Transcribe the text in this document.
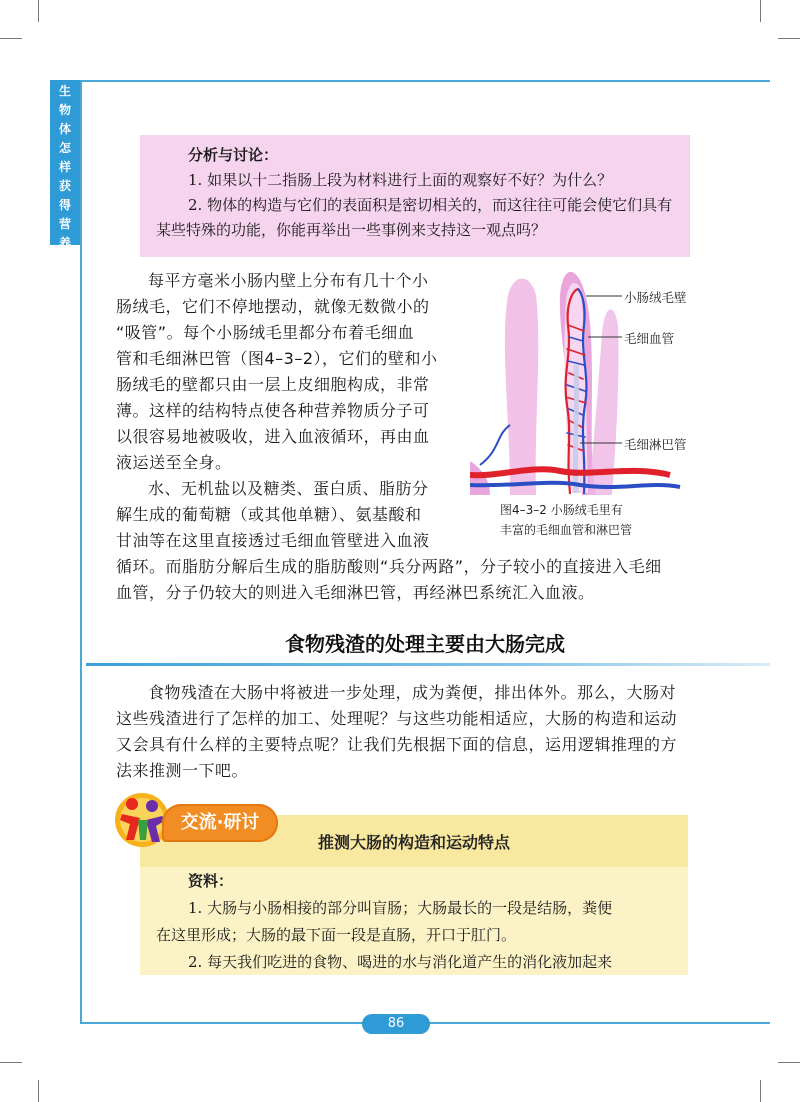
生
物
体
怎
样
获
得
营
养
分析与讨论：
1. 如果以十二指肠上段为材料进行上面的观察好不好？为什么？
2. 物体的构造与它们的表面积是密切相关的，而这往往可能会使它们具有某些特殊的功能，你能再举出一些事例来支持这一观点吗？

每平方毫米小肠内壁上分布有几十个小

肠绒毛，它们不停地摆动，就像无数微小的

“吸管”。每个小肠绒毛里都分布着毛细血

管和毛细淋巴管（图4–3–2），它们的壁和小

肠绒毛的壁都只由一层上皮细胞构成，非常

薄。这样的结构特点使各种营养物质分子可

以很容易地被吸收，进入血液循环，再由血

液运送至全身。

水、无机盐以及糖类、蛋白质、脂肪分

解生成的葡萄糖（或其他单糖）、氨基酸和

甘油等在这里直接透过毛细血管壁进入血液

循环。而脂肪分解后生成的脂肪酸则“兵分两路”，分子较小的直接进入毛细

血管，分子仍较大的则进入毛细淋巴管，再经淋巴系统汇入血液。

小肠绒毛壁
毛细血管
毛细淋巴管
图4–3–2 小肠绒毛里有
丰富的毛细血管和淋巴管
食物残渣的处理主要由大肠完成

食物残渣在大肠中将被进一步处理，成为粪便，排出体外。那么，大肠对

这些残渣进行了怎样的加工、处理呢？与这些功能相适应，大肠的构造和运动

又会具有什么样的主要特点呢？让我们先根据下面的信息，运用逻辑推理的方

法来推测一下吧。

交流·研讨
推测大肠的构造和运动特点

资料：

1. 大肠与小肠相接的部分叫盲肠；大肠最长的一段是结肠，粪便

在这里形成；大肠的最下面一段是直肠，开口于肛门。

2. 每天我们吃进的食物、喝进的水与消化道产生的消化液加起来

86
